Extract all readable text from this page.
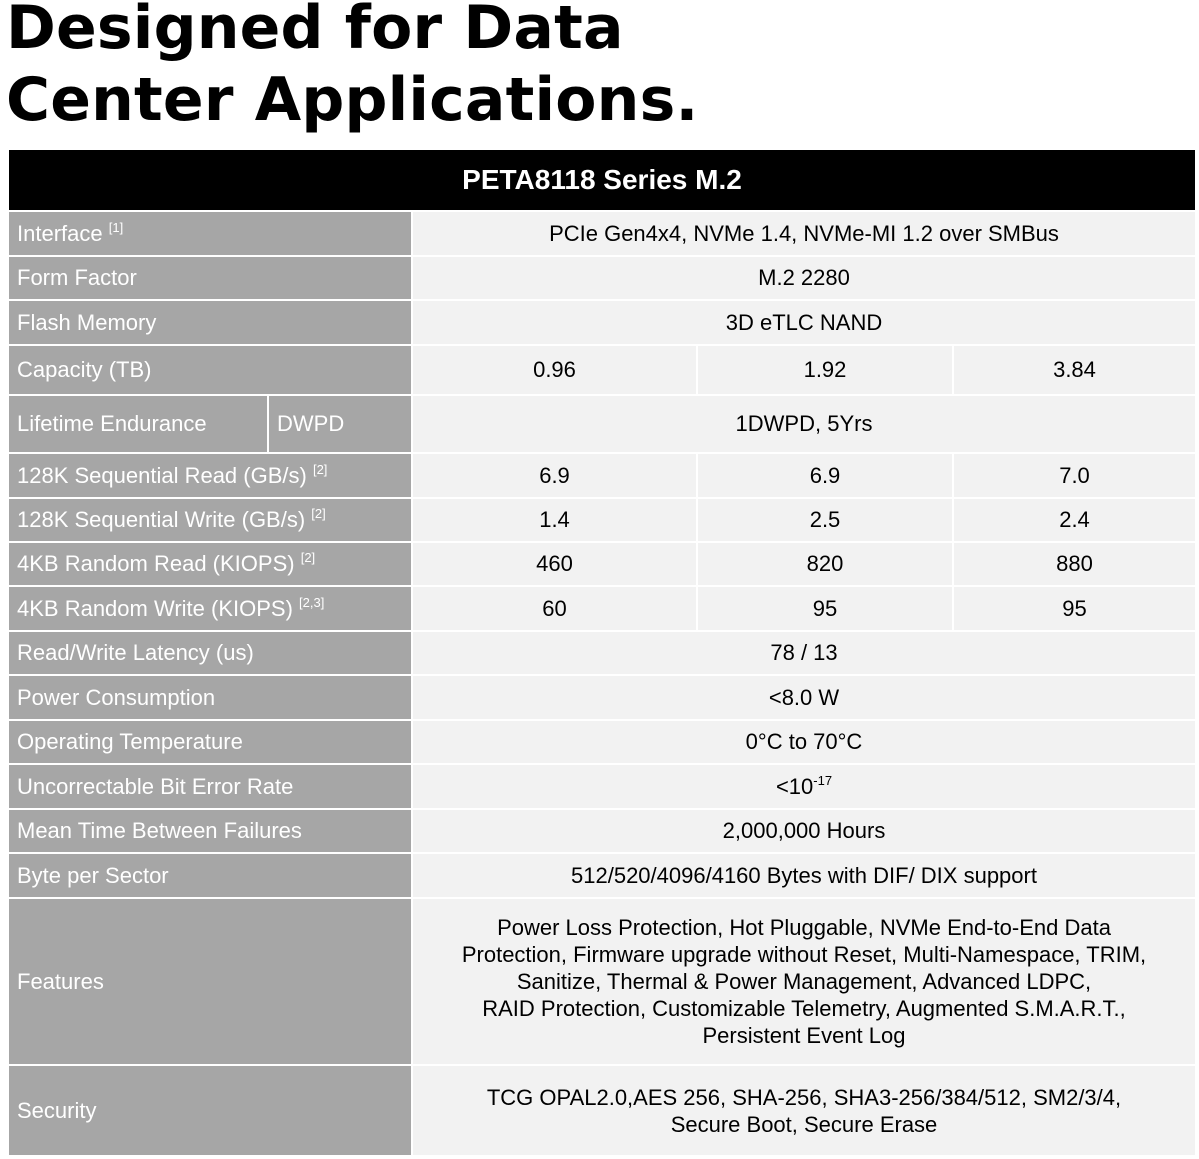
Designed for Data
Center Applications.
PETA8118 Series M.2				
Interface [1]		PCIe Gen4x4, NVMe 1.4, NVMe-MI 1.2 over SMBus		
Form Factor		M.2 2280		
Flash Memory		3D eTLC NAND		
Capacity (TB)		0.96	1.92	3.84
Lifetime Endurance	DWPD	1DWPD, 5Yrs		
128K Sequential Read (GB/s) [2]		6.9	6.9	7.0
128K Sequential Write (GB/s) [2]		1.4	2.5	2.4
4KB Random Read (KIOPS) [2]		460	820	880
4KB Random Write (KIOPS) [2,3]		60	95	95
Read/Write Latency (us)		78 / 13		
Power Consumption		<8.0 W		
Operating Temperature		0°C to 70°C		
Uncorrectable Bit Error Rate		$<10^{-17}$
Mean Time Between Failures		2,000,000 Hours		
Byte per Sector		512/520/4096/4160 Bytes with DIF/ DIX support		
Features		Power Loss Protection, Hot Pluggable, NVMe End-to-End Data
Protection, Firmware upgrade without Reset, Multi-Namespace, TRIM,
Sanitize, Thermal & Power Management, Advanced LDPC,
RAID Protection, Customizable Telemetry, Augmented S.M.A.R.T.,
Persistent Event Log		

Security		TCG OPAL2.0,AES 256, SHA-256, SHA3-256/384/512, SM2/3/4,
Secure Boot, Secure Erase		
